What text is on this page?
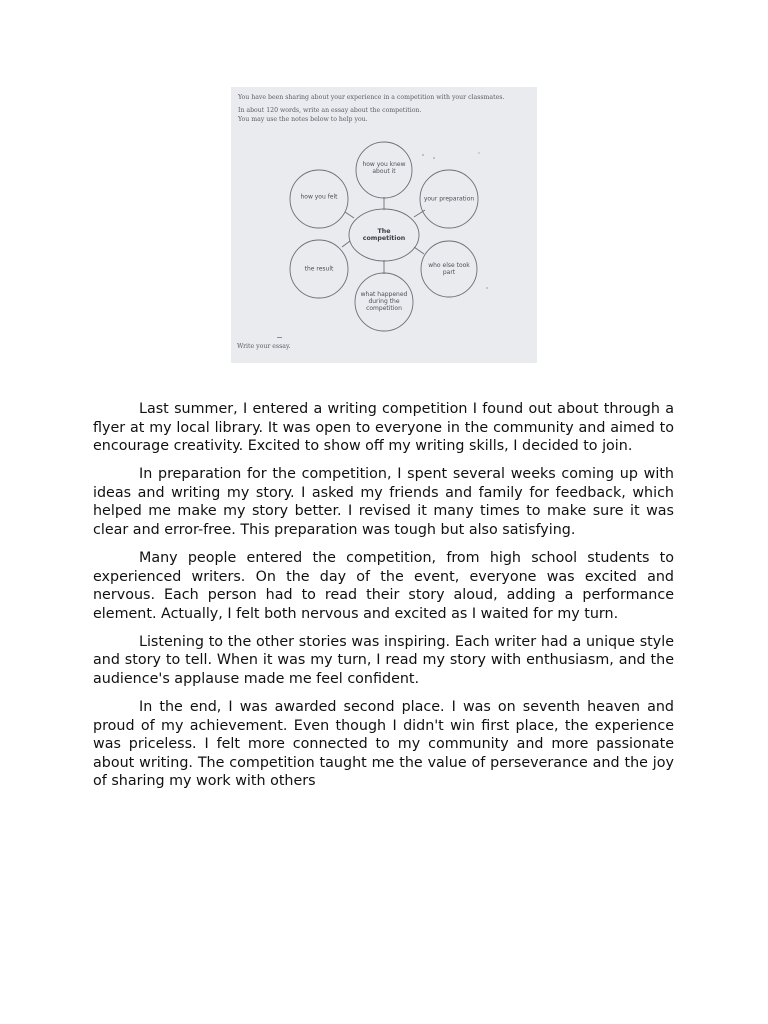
You have been sharing about your experience in a competition with your classmates.
In about 120 words, write an essay about the competition.
You may use the notes below to help you.
how you knew about it
your preparation
who else took part
what happened during the competition
the result
how you felt
The competition
Write your essay.

Last summer, I entered a writing competition I found out about through a flyer at my local library. It was open to everyone in the community and aimed to encourage creativity. Excited to show off my writing skills, I decided to join.

In preparation for the competition, I spent several weeks coming up with ideas and writing my story. I asked my friends and family for feedback, which helped me make my story better. I revised it many times to make sure it was clear and error-free. This preparation was tough but also satisfying.

Many people entered the competition, from high school students to experienced writers. On the day of the event, everyone was excited and nervous. Each person had to read their story aloud, adding a performance element. Actually, I felt both nervous and excited as I waited for my turn.

Listening to the other stories was inspiring. Each writer had a unique style and story to tell. When it was my turn, I read my story with enthusiasm, and the audience's applause made me feel confident.

In the end, I was awarded second place. I was on seventh heaven and proud of my achievement. Even though I didn't win first place, the experience was priceless. I felt more connected to my community and more passionate about writing. The competition taught me the value of perseverance and the joy of sharing my work with others
